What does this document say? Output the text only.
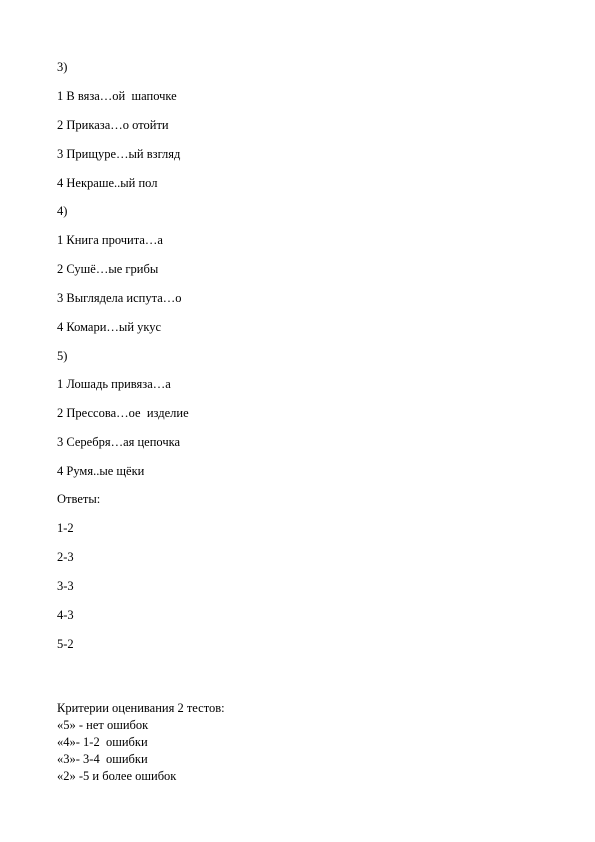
3)
1 В вяза…ой  шапочке
2 Приказа…о отойти
3 Прищуре…ый взгляд
4 Некраше..ый пол
4)
1 Книга прочита…а
2 Сушё…ые грибы
3 Выглядела испута…о
4 Комари…ый укус
5)
1 Лошадь привяза…а
2 Прессова…ое  изделие
3 Серебря…ая цепочка
4 Румя..ые щёки
Ответы:
1-2
2-3
3-3
4-3
5-2
Критерии оценивания 2 тестов:
«5» - нет ошибок
«4»- 1-2  ошибки
«3»- 3-4  ошибки
«2» -5 и более ошибок
